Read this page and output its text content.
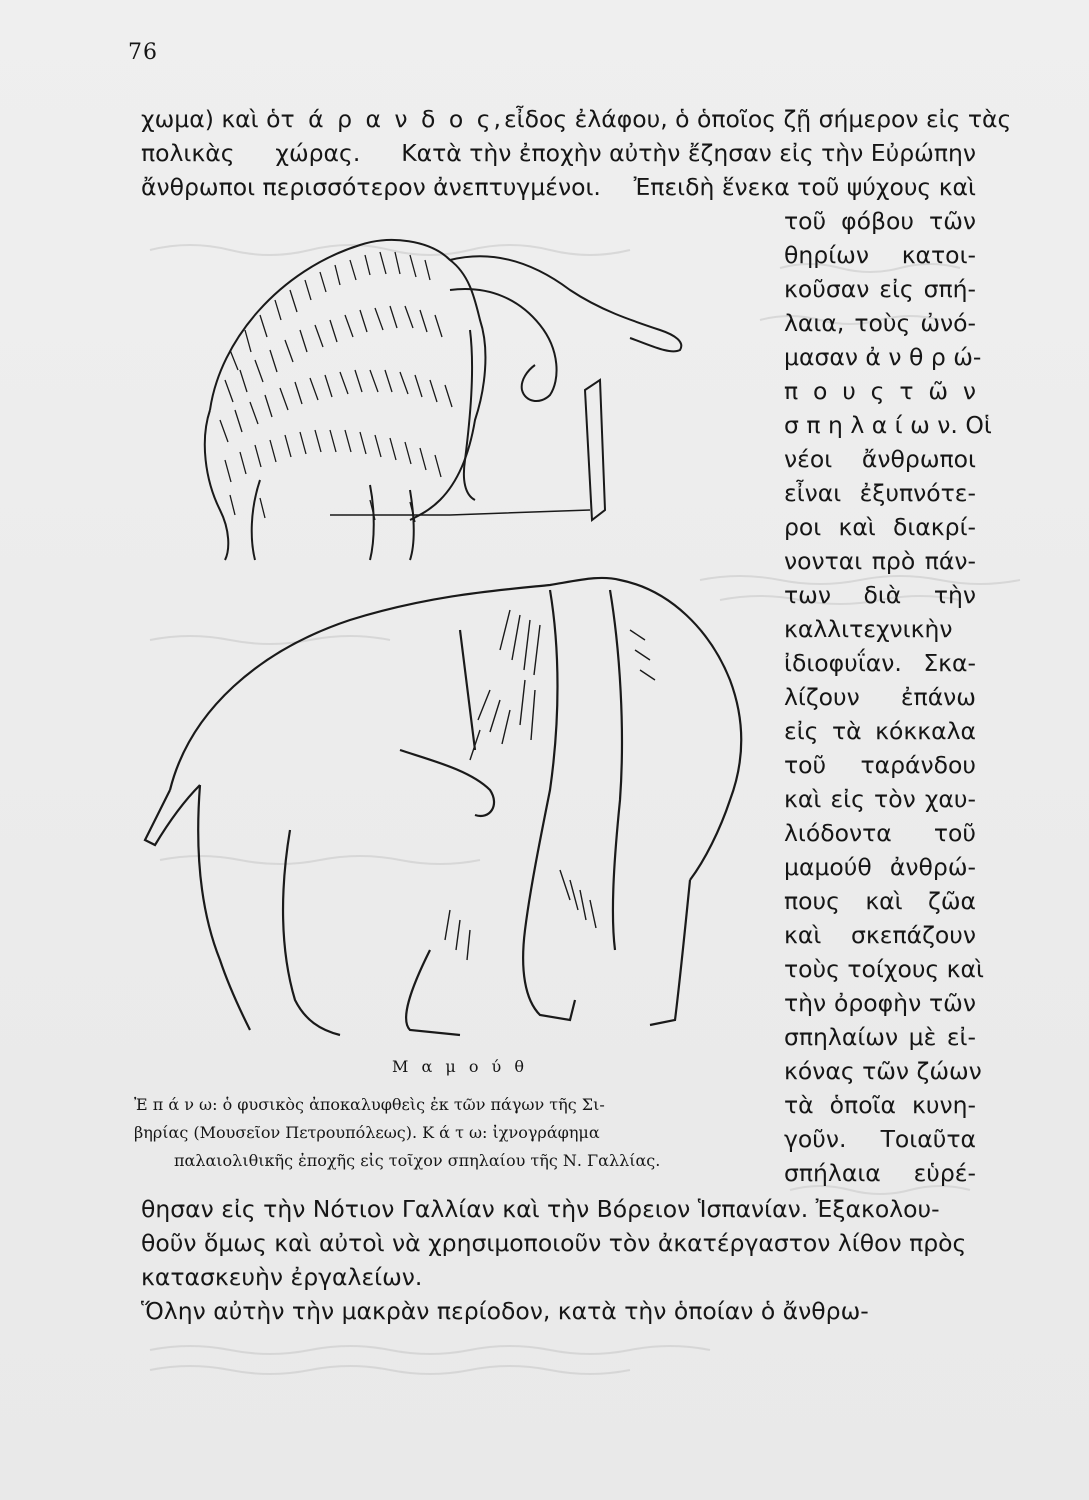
76
χωμα) καὶ ὁ τ ά ρ α ν δ ο ς, εἶδος ἐλάφου, ὁ ὁποῖος ζῇ σήμερον εἰς τὰς
πολικὰς χώρας. Κατὰ τὴν ἐποχὴν αὐτὴν ἔζησαν εἰς τὴν Εὐρώπην
ἄνθρωποι περισσότερον ἀνεπτυγμένοι. Ἐπειδὴ ἕνεκα τοῦ ψύχους καὶ
τοῦ φόβου τῶν
θηρίων κατοι-
κοῦσαν εἰς σπή-
λαια, τοὺς ὠνό-
μασαν ἀ ν θ ρ ώ-
π ο υ ς τ ῶ ν
σ π η λ α ί ω ν. Οἱ
νέοι ἄνθρωποι
εἶναι ἐξυπνότε-
ροι καὶ διακρί-
νονται πρὸ πάν-
των διὰ τὴν
καλλιτεχνικὴν
ἰδιοφυΐαν. Σκα-
λίζουν ἐπάνω
εἰς τὰ κόκκαλα
τοῦ ταράνδου
καὶ εἰς τὸν χαυ-
λιόδοντα τοῦ
μαμούθ ἀνθρώ-
πους καὶ ζῶα
καὶ σκεπάζουν
τοὺς τοίχους καὶ
τὴν ὀροφὴν τῶν
σπηλαίων μὲ εἰ-
κόνας τῶν ζώων
τὰ ὁποῖα κυνη-
γοῦν. Τοιαῦτα
σπήλαια εὑρέ-
Μ α μ ο ύ θ
Ἐ π ά ν ω: ὁ φυσικὸς ἀποκαλυφθεὶς ἐκ τῶν πάγων τῆς Σι-
βηρίας (Μουσεῖον Πετρουπόλεως). Κ ά τ ω: ἰχνογράφημα
παλαιολιθικῆς ἐποχῆς εἰς τοῖχον σπηλαίου τῆς Ν. Γαλλίας.
θησαν εἰς τὴν Νότιον Γαλλίαν καὶ τὴν Βόρειον Ἱσπανίαν. Ἐξακολου-
θοῦν ὅμως καὶ αὐτοὶ νὰ χρησιμοποιοῦν τὸν ἀκατέργαστον λίθον πρὸς
κατασκευὴν ἐργαλείων.
Ὅλην αὐτὴν τὴν μακρὰν περίοδον, κατὰ τὴν ὁποίαν ὁ ἄνθρω-
